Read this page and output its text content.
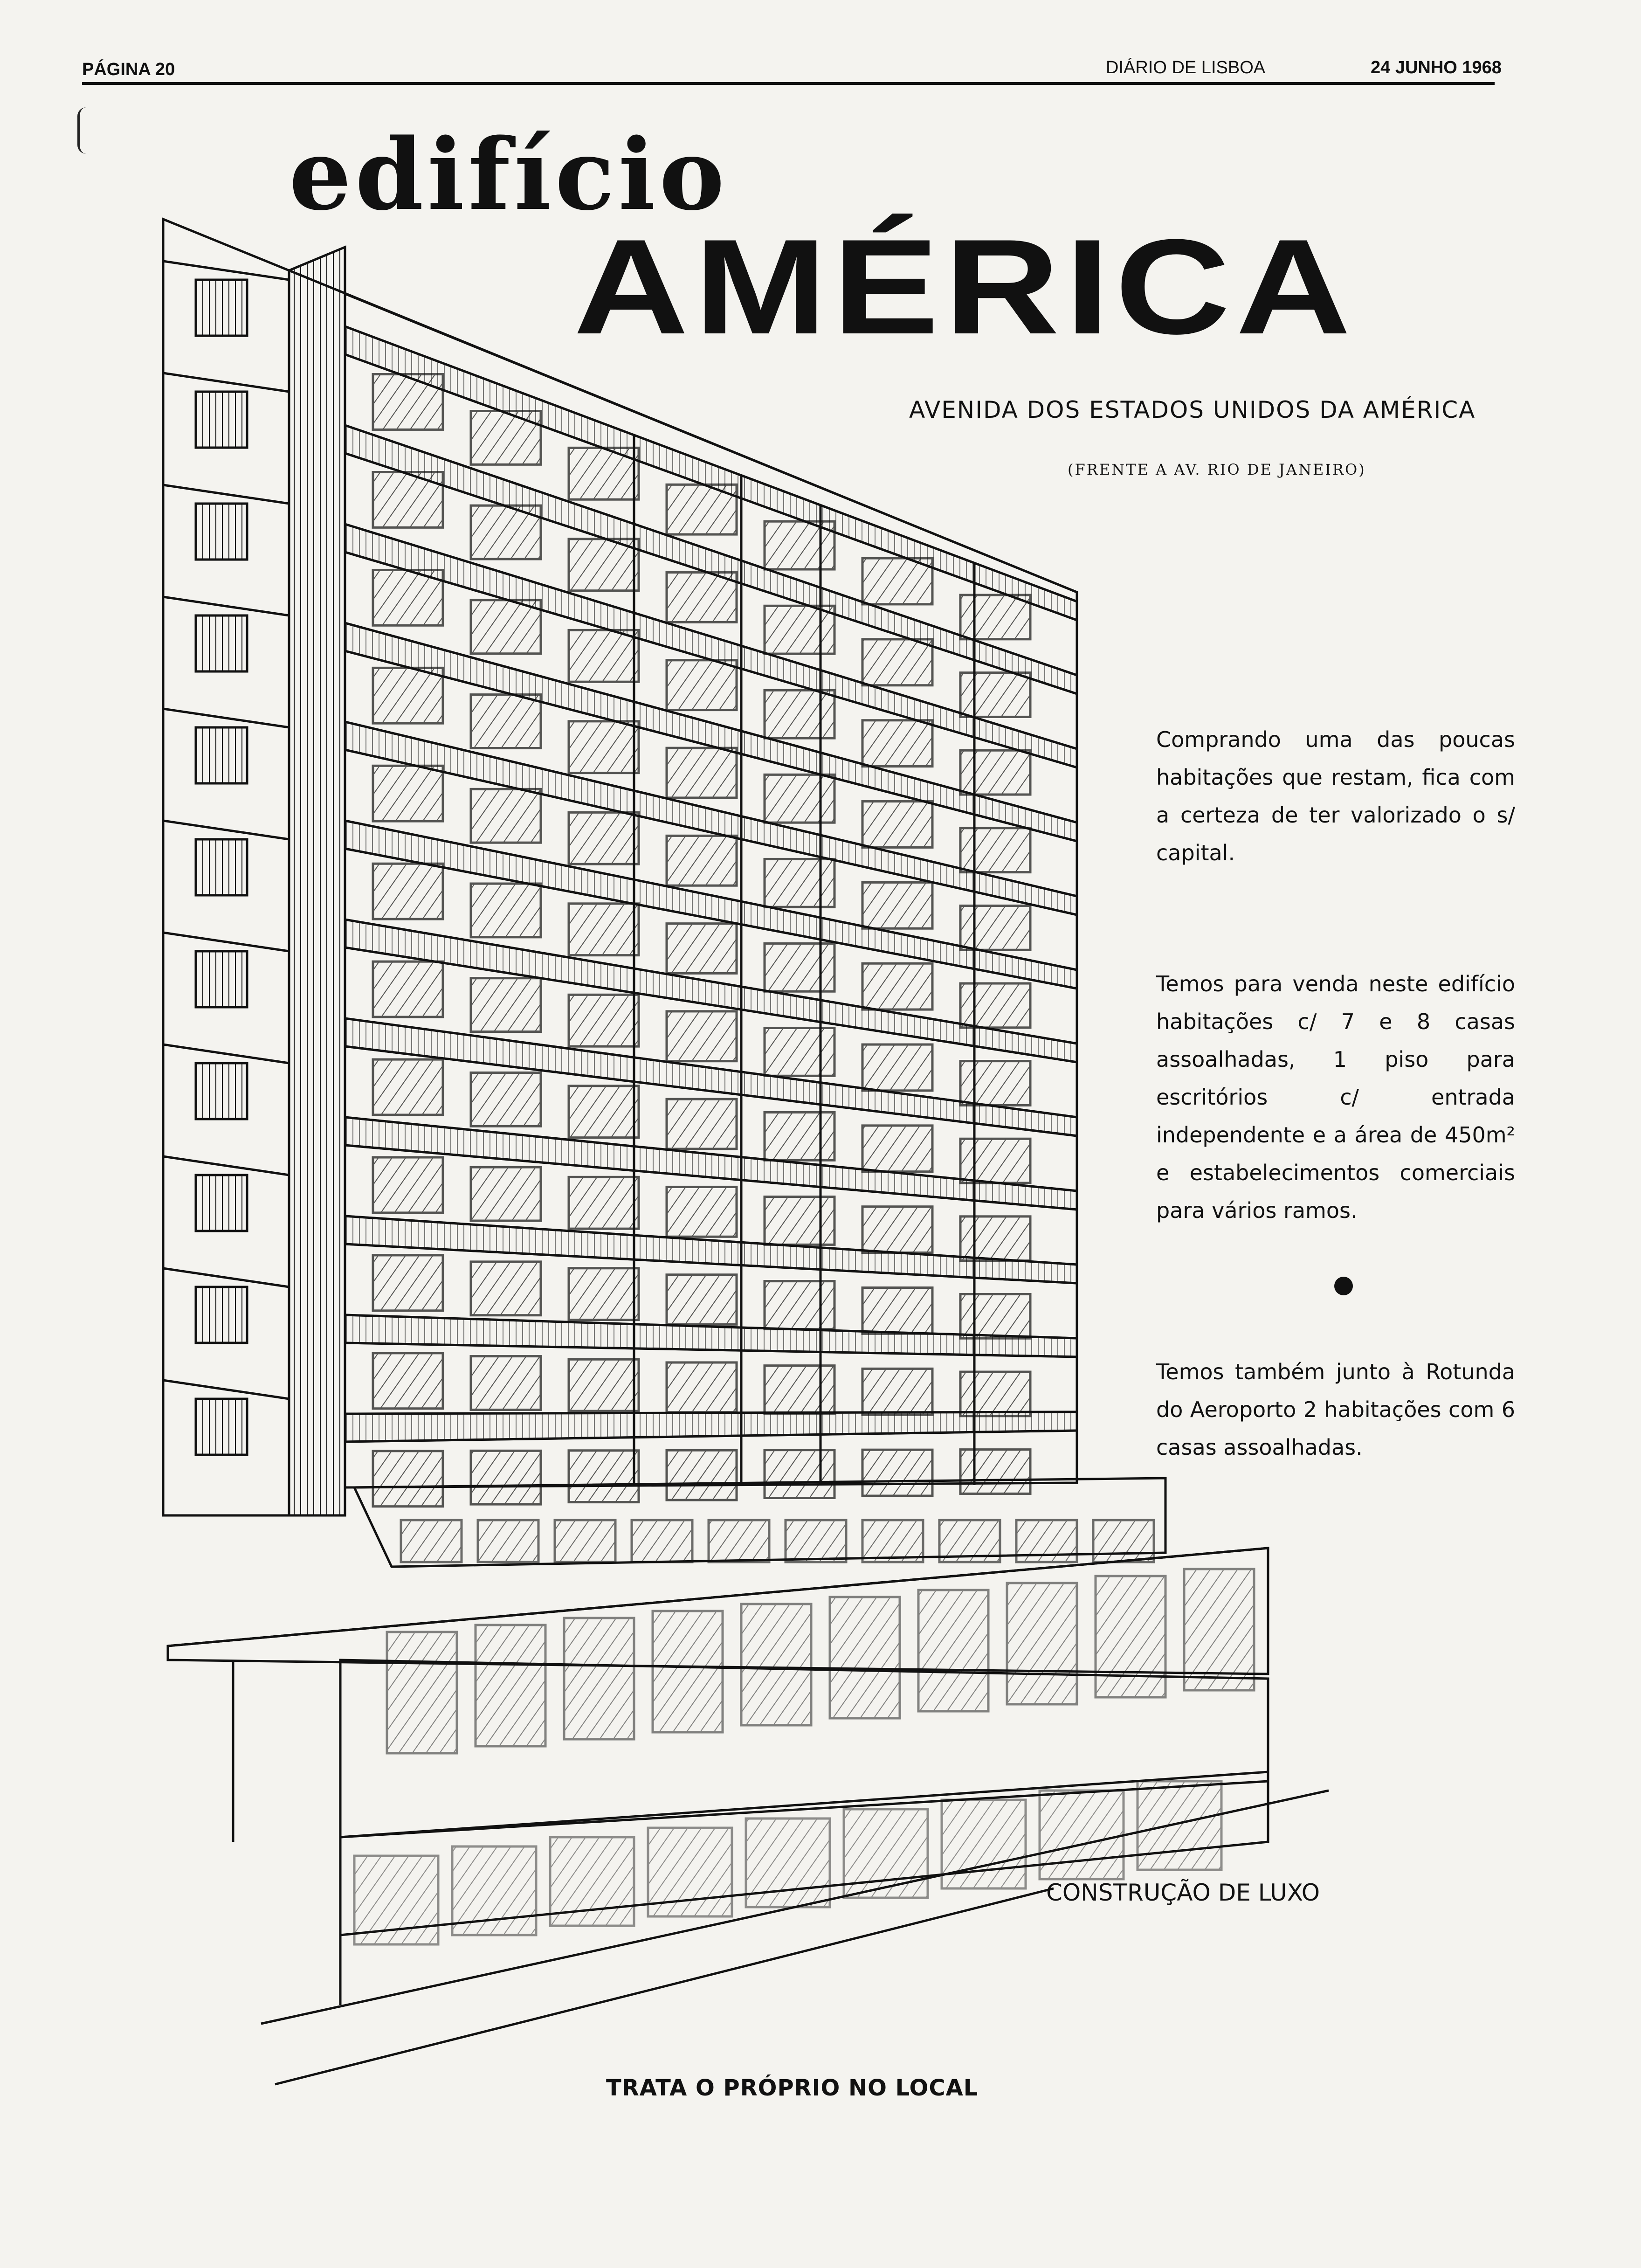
PÁGINA 20	DIÁRIO DE LISBOA	24 JUNHO 1968
edifício
AMÉRICA
AVENIDA DOS ESTADOS UNIDOS DA AMÉRICA
(FRENTE A AV. RIO DE JANEIRO)
Comprando uma das poucas habitações que restam, fica com a certeza de ter valorizado o s/ capital.
Temos para venda neste edifício habitações c/ 7 e 8 casas assoalhadas, 1 piso para escritórios c/ entrada independente e a área de 450m² e estabelecimentos comerciais para vários ramos.
Temos também junto à Rotunda do Aeroporto 2 habitações com 6 casas assoalhadas.
CONSTRUÇÃO DE LUXO
TRATA O PRÓPRIO NO LOCAL
